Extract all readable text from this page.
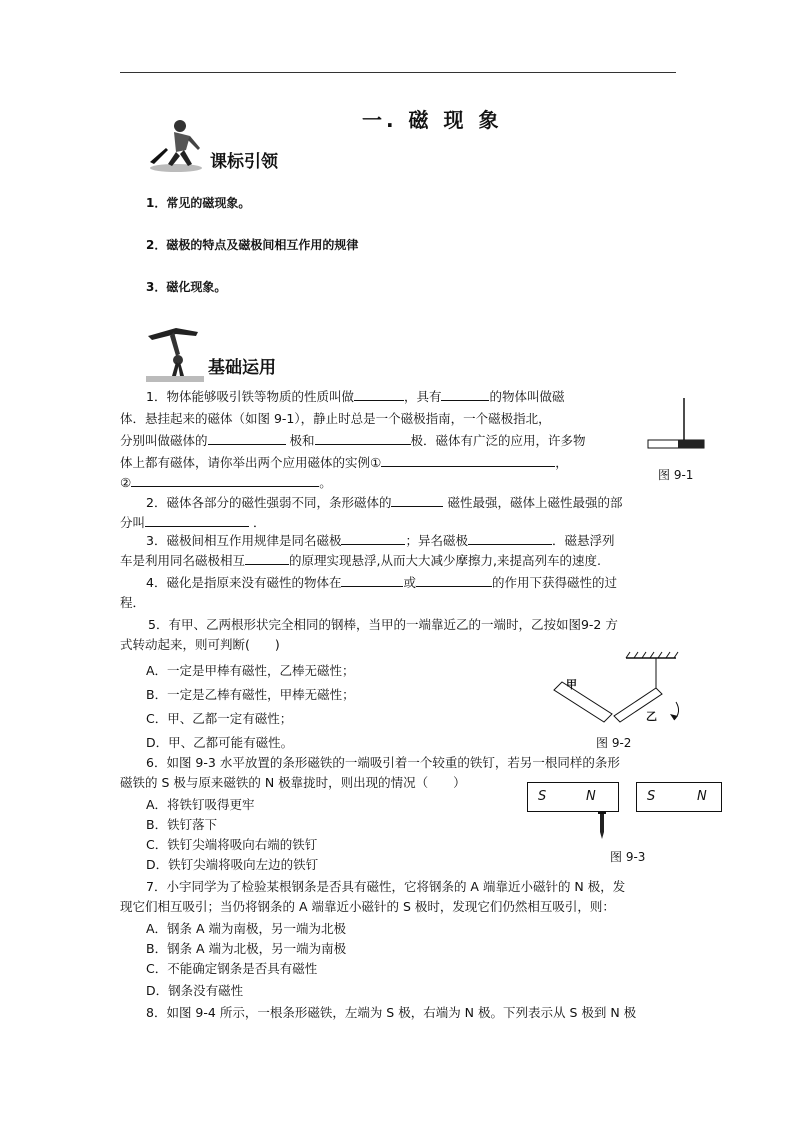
一. 磁 现 象
课标引领
1．常见的磁现象。
2．磁极的特点及磁极间相互作用的规律
3．磁化现象。
基础运用
1．物体能够吸引铁等物质的性质叫做	，具有	的物体叫做磁
体．悬挂起来的磁体（如图 9-1），静止时总是一个磁极指南，一个磁极指北，
分别叫做磁体的	极和	极．磁体有广泛的应用，许多物
体上都有磁体，请你举出两个应用磁体的实例①	，
②	。	图 9-1
2．磁体各部分的磁性强弱不同，条形磁体的	磁性最强，磁体上磁性最强的部
分叫	．
3．磁极间相互作用规律是同名磁极	；异名磁极	．磁悬浮列
车是利用同名磁极相互	的原理实现悬浮,从而大大减少摩擦力,来提高列车的速度.
4．磁化是指原来没有磁性的物体在	或	的作用下获得磁性的过
程．
5．有甲、乙两根形状完全相同的钢棒，当甲的一端靠近乙的一端时，乙按如图9-2 方
式转动起来，则可判断(　　)
A．一定是甲棒有磁性，乙棒无磁性；
B．一定是乙棒有磁性，甲棒无磁性；
C．甲、乙都一定有磁性；
D．甲、乙都可能有磁性。
甲
乙
图 9-2
6．如图 9-3 水平放置的条形磁铁的一端吸引着一个较重的铁钉，若另一根同样的条形
磁铁的 S 极与原来磁铁的 N 极靠拢时，则出现的情况（　　）
A．将铁钉吸得更牢
B．铁钉落下
C．铁钉尖端将吸向右端的铁钉
D．铁钉尖端将吸向左边的铁钉
S	N	S	N
图 9-3
7．小宇同学为了检验某根钢条是否具有磁性，它将钢条的 A 端靠近小磁针的 N 极，发
现它们相互吸引；当仍将钢条的 A 端靠近小磁针的 S 极时，发现它们仍然相互吸引，则：
A．钢条 A 端为南极，另一端为北极
B．钢条 A 端为北极，另一端为南极
C．不能确定钢条是否具有磁性
D．钢条没有磁性
8．如图 9-4 所示，一根条形磁铁，左端为 S 极，右端为 N 极。下列表示从 S 极到 N 极
